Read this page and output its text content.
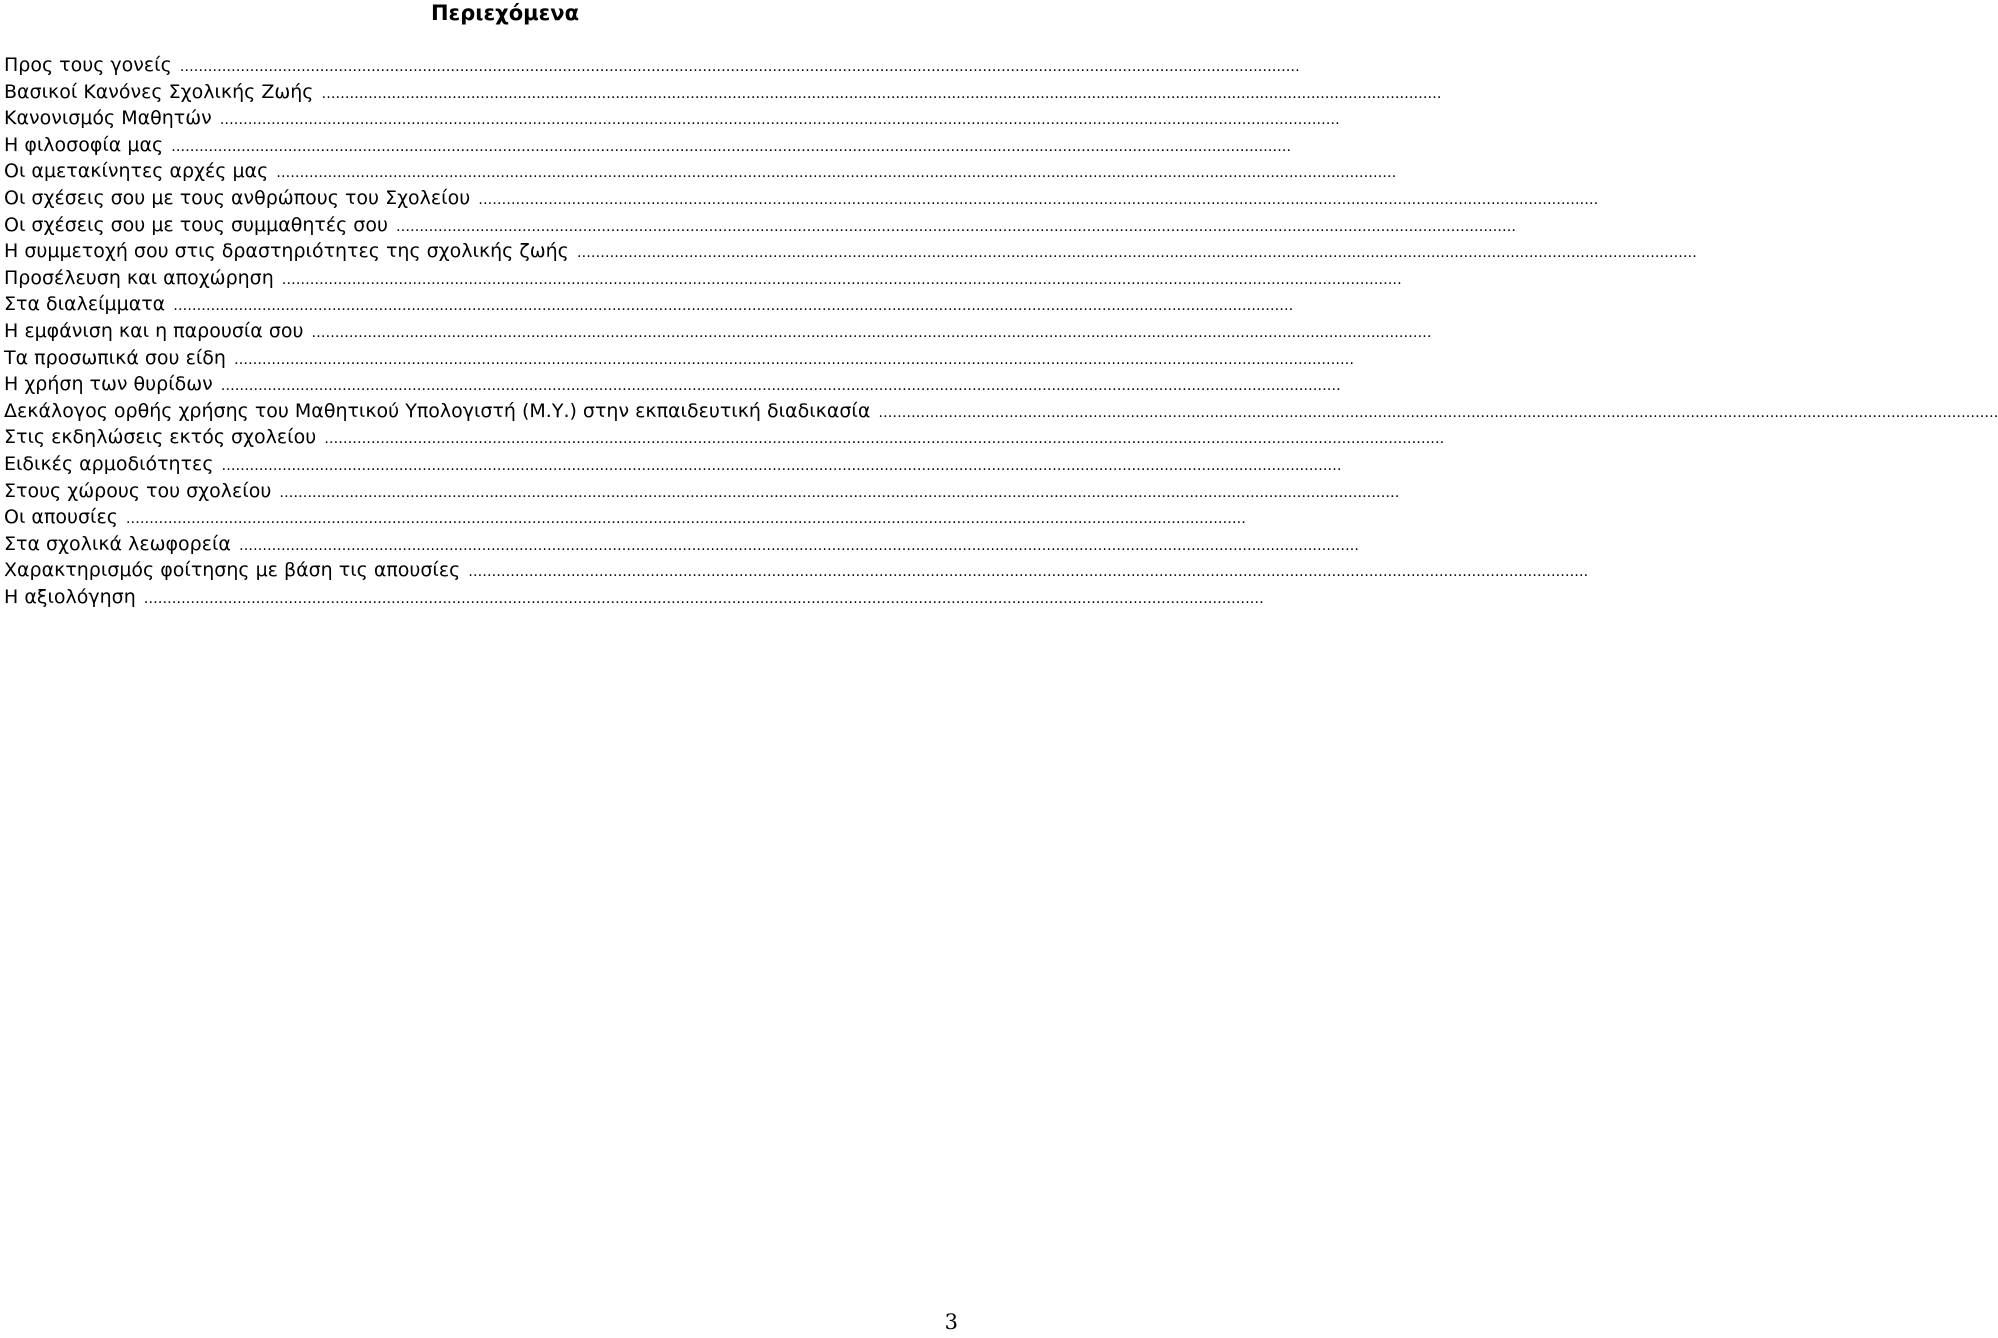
Περιεχόμενα
Προς τους γονείς ……………………………………………………………………………………………………………………………………………………………………………………………………………………
Βασικοί Κανόνες Σχολικής Ζωής ……………………………………………………………………………………………………………………………………………………………………………………………………………………
Κανονισμός Μαθητών ……………………………………………………………………………………………………………………………………………………………………………………………………………………
Η φιλοσοφία μας ……………………………………………………………………………………………………………………………………………………………………………………………………………………
Οι αμετακίνητες αρχές μας ……………………………………………………………………………………………………………………………………………………………………………………………………………………
Οι σχέσεις σου με τους ανθρώπους του Σχολείου ……………………………………………………………………………………………………………………………………………………………………………………………………………………
Οι σχέσεις σου με τους συμμαθητές σου ……………………………………………………………………………………………………………………………………………………………………………………………………………………
Η συμμετοχή σου στις δραστηριότητες της σχολικής ζωής ……………………………………………………………………………………………………………………………………………………………………………………………………………………
Προσέλευση και αποχώρηση ……………………………………………………………………………………………………………………………………………………………………………………………………………………
Στα διαλείμματα ……………………………………………………………………………………………………………………………………………………………………………………………………………………
Η εμφάνιση και η παρουσία σου ……………………………………………………………………………………………………………………………………………………………………………………………………………………
Τα προσωπικά σου είδη ……………………………………………………………………………………………………………………………………………………………………………………………………………………
Η χρήση των θυρίδων ……………………………………………………………………………………………………………………………………………………………………………………………………………………
Δεκάλογος ορθής χρήσης του Μαθητικού Υπολογιστή (Μ.Υ.) στην εκπαιδευτική διαδικασία ……………………………………………………………………………………………………………………………………………………………………………………………………………………
Στις εκδηλώσεις εκτός σχολείου ……………………………………………………………………………………………………………………………………………………………………………………………………………………
Ειδικές αρμοδιότητες ……………………………………………………………………………………………………………………………………………………………………………………………………………………
Στους χώρους του σχολείου ……………………………………………………………………………………………………………………………………………………………………………………………………………………
Οι απουσίες ……………………………………………………………………………………………………………………………………………………………………………………………………………………
Στα σχολικά λεωφορεία ……………………………………………………………………………………………………………………………………………………………………………………………………………………
Χαρακτηρισμός φοίτησης με βάση τις απουσίες ……………………………………………………………………………………………………………………………………………………………………………………………………………………
Η αξιολόγηση ……………………………………………………………………………………………………………………………………………………………………………………………………………………
3
